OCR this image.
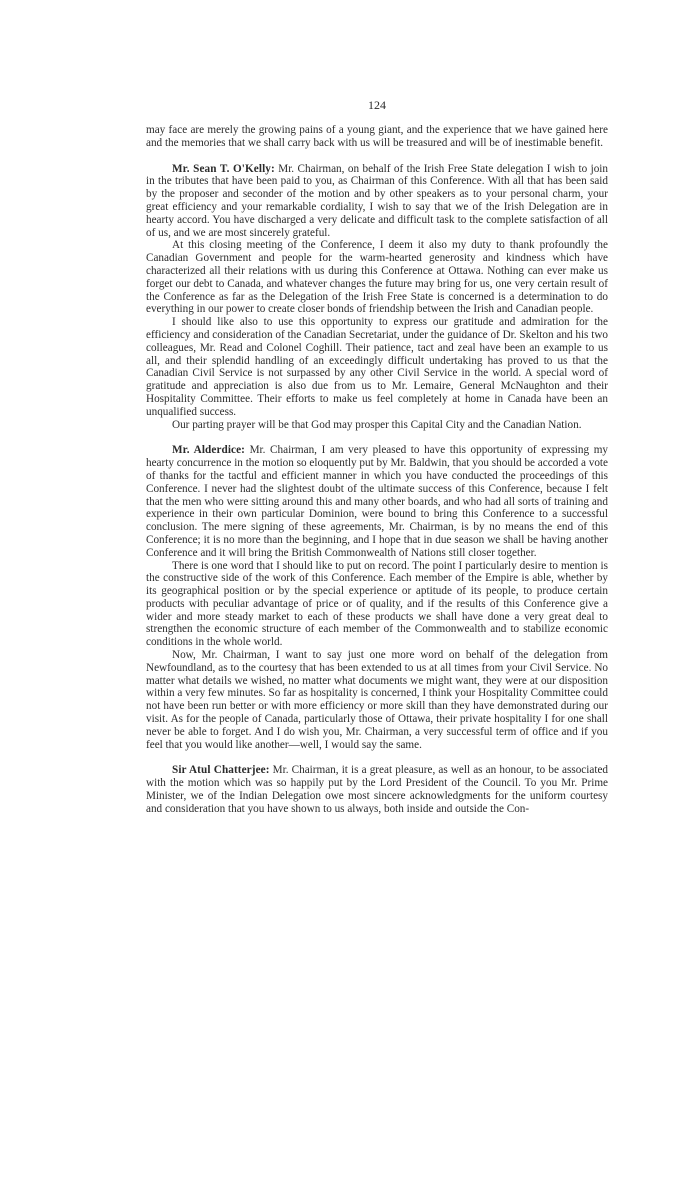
124

may face are merely the growing pains of a young giant, and the experience that we have gained here and the memories that we shall carry back with us will be treasured and will be of inestimable benefit.

Mr. Sean T. O'Kelly: Mr. Chairman, on behalf of the Irish Free State delegation I wish to join in the tributes that have been paid to you, as Chairman of this Conference. With all that has been said by the proposer and seconder of the motion and by other speakers as to your personal charm, your great efficiency and your remarkable cordiality, I wish to say that we of the Irish Delegation are in hearty accord. You have discharged a very delicate and difficult task to the complete satisfaction of all of us, and we are most sincerely grateful.

At this closing meeting of the Conference, I deem it also my duty to thank profoundly the Canadian Government and people for the warm-hearted generosity and kindness which have characterized all their relations with us during this Conference at Ottawa. Nothing can ever make us forget our debt to Canada, and whatever changes the future may bring for us, one very certain result of the Conference as far as the Delegation of the Irish Free State is concerned is a determination to do everything in our power to create closer bonds of friendship between the Irish and Canadian people.

I should like also to use this opportunity to express our gratitude and admiration for the efficiency and consideration of the Canadian Secretariat, under the guidance of Dr. Skelton and his two colleagues, Mr. Read and Colonel Coghill. Their patience, tact and zeal have been an example to us all, and their splendid handling of an exceedingly difficult undertaking has proved to us that the Canadian Civil Service is not surpassed by any other Civil Service in the world. A special word of gratitude and appreciation is also due from us to Mr. Lemaire, General McNaughton and their Hospitality Committee. Their efforts to make us feel completely at home in Canada have been an unqualified success.

Our parting prayer will be that God may prosper this Capital City and the Canadian Nation.

Mr. Alderdice: Mr. Chairman, I am very pleased to have this opportunity of expressing my hearty concurrence in the motion so eloquently put by Mr. Baldwin, that you should be accorded a vote of thanks for the tactful and efficient manner in which you have conducted the proceedings of this Conference. I never had the slightest doubt of the ultimate success of this Conference, because I felt that the men who were sitting around this and many other boards, and who had all sorts of training and experience in their own particular Dominion, were bound to bring this Conference to a successful conclusion. The mere signing of these agreements, Mr. Chairman, is by no means the end of this Conference; it is no more than the beginning, and I hope that in due season we shall be having another Conference and it will bring the British Commonwealth of Nations still closer together.

There is one word that I should like to put on record. The point I particularly desire to mention is the constructive side of the work of this Conference. Each member of the Empire is able, whether by its geographical position or by the special experience or aptitude of its people, to produce certain products with peculiar advantage of price or of quality, and if the results of this Conference give a wider and more steady market to each of these products we shall have done a very great deal to strengthen the economic structure of each member of the Commonwealth and to stabilize economic conditions in the whole world.

Now, Mr. Chairman, I want to say just one more word on behalf of the delegation from Newfoundland, as to the courtesy that has been extended to us at all times from your Civil Service. No matter what details we wished, no matter what documents we might want, they were at our disposition within a very few minutes. So far as hospitality is concerned, I think your Hospitality Committee could not have been run better or with more efficiency or more skill than they have demonstrated during our visit. As for the people of Canada, particularly those of Ottawa, their private hospitality I for one shall never be able to forget. And I do wish you, Mr. Chairman, a very successful term of office and if you feel that you would like another—well, I would say the same.

Sir Atul Chatterjee: Mr. Chairman, it is a great pleasure, as well as an honour, to be associated with the motion which was so happily put by the Lord President of the Council. To you Mr. Prime Minister, we of the Indian Delegation owe most sincere acknowledgments for the uniform courtesy and consideration that you have shown to us always, both inside and outside the Con-
